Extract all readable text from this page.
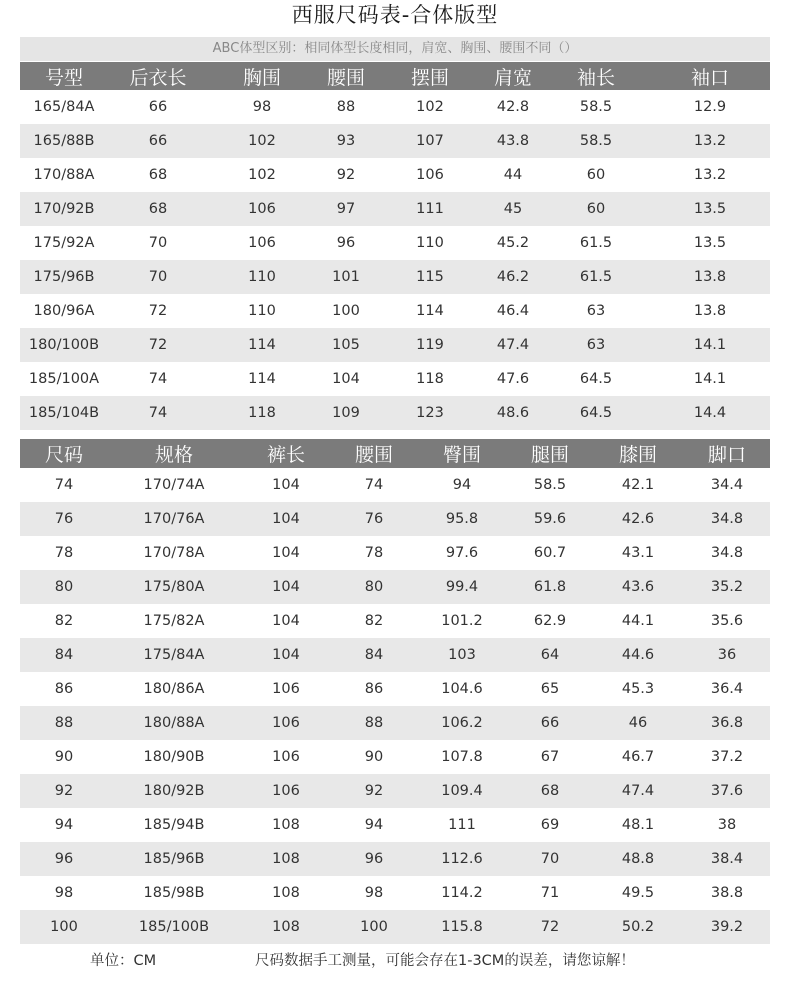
西服尺码表-合体版型
ABC体型区别：相同体型长度相同，肩宽、胸围、腰围不同（）
号型	后衣长	胸围	腰围	摆围	肩宽	袖长	袖口
165/84A	66	98	88	102	42.8	58.5	12.9
165/88B	66	102	93	107	43.8	58.5	13.2
170/88A	68	102	92	106	44	60	13.2
170/92B	68	106	97	111	45	60	13.5
175/92A	70	106	96	110	45.2	61.5	13.5
175/96B	70	110	101	115	46.2	61.5	13.8
180/96A	72	110	100	114	46.4	63	13.8
180/100B	72	114	105	119	47.4	63	14.1
185/100A	74	114	104	118	47.6	64.5	14.1
185/104B	74	118	109	123	48.6	64.5	14.4
尺码	规格	裤长	腰围	臀围	腿围	膝围	脚口
74	170/74A	104	74	94	58.5	42.1	34.4
76	170/76A	104	76	95.8	59.6	42.6	34.8
78	170/78A	104	78	97.6	60.7	43.1	34.8
80	175/80A	104	80	99.4	61.8	43.6	35.2
82	175/82A	104	82	101.2	62.9	44.1	35.6
84	175/84A	104	84	103	64	44.6	36
86	180/86A	106	86	104.6	65	45.3	36.4
88	180/88A	106	88	106.2	66	46	36.8
90	180/90B	106	90	107.8	67	46.7	37.2
92	180/92B	106	92	109.4	68	47.4	37.6
94	185/94B	108	94	111	69	48.1	38
96	185/96B	108	96	112.6	70	48.8	38.4
98	185/98B	108	98	114.2	71	49.5	38.8
100	185/100B	108	100	115.8	72	50.2	39.2
单位：CM	尺码数据手工测量，可能会存在1-3CM的误差，请您谅解！
